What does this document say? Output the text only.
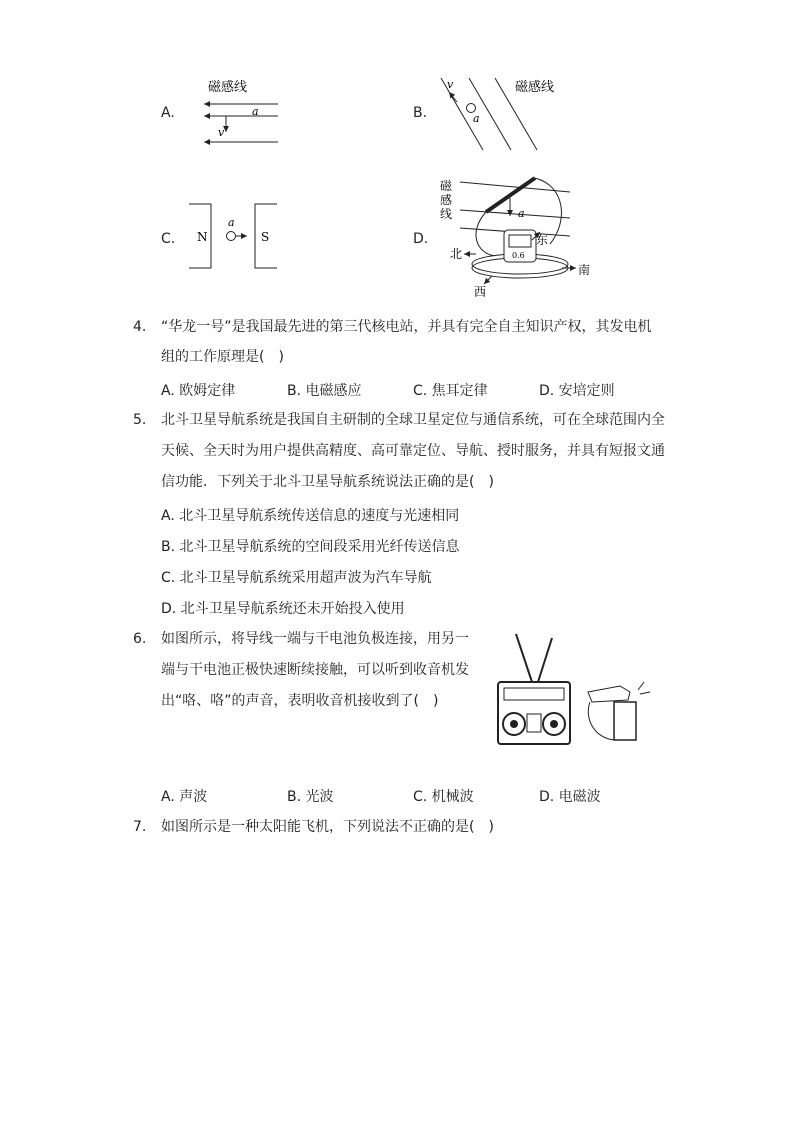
A.
磁感线
a
v
B.
v
a
磁感线
C. N	S
a
D.
磁
感
线	a
0.6
北
南
东
西
4. “华龙一号”是我国最先进的第三代核电站，并具有完全自主知识产权，其发电机
组的工作原理是(　)
A. 欧姆定律	B. 电磁感应	C. 焦耳定律	D. 安培定则
5. 北斗卫星导航系统是我国自主研制的全球卫星定位与通信系统，可在全球范围内全
天候、全天时为用户提供高精度、高可靠定位、导航、授时服务，并具有短报文通
信功能．下列关于北斗卫星导航系统说法正确的是(　)
A. 北斗卫星导航系统传送信息的速度与光速相同
B. 北斗卫星导航系统的空间段采用光纤传送信息
C. 北斗卫星导航系统采用超声波为汽车导航
D. 北斗卫星导航系统还未开始投入使用
6. 如图所示，将导线一端与干电池负极连接，用另一
端与干电池正极快速断续接触，可以听到收音机发
出“咯、咯”的声音，表明收音机接收到了(　)
A. 声波	B. 光波	C. 机械波	D. 电磁波
7. 如图所示是一种太阳能飞机，下列说法不正确的是(　)
